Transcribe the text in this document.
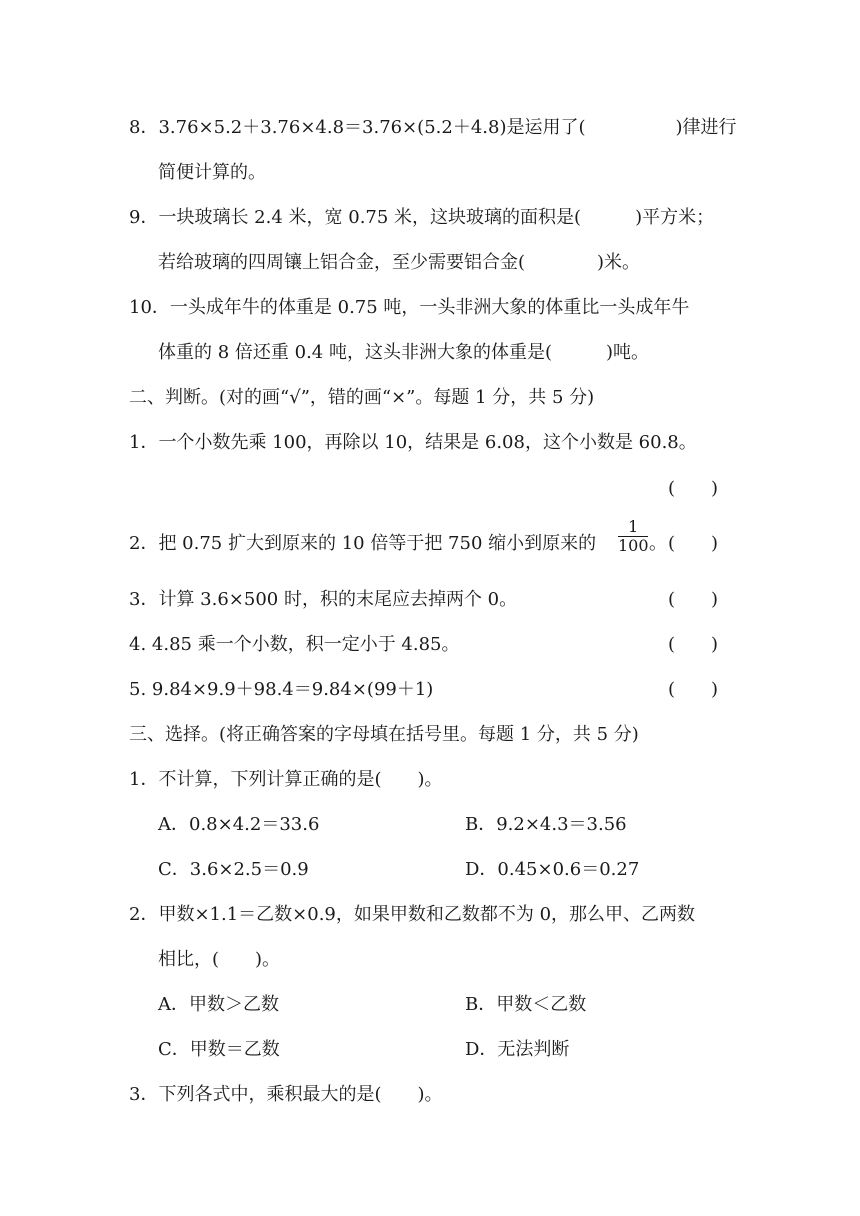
8．3.76×5.2＋3.76×4.8＝3.76×(5.2＋4.8)是运用了(　　　　　)律进行
简便计算的。
9．一块玻璃长 2.4 米，宽 0.75 米，这块玻璃的面积是(　　　)平方米；
若给玻璃的四周镶上铝合金，至少需要铝合金(　　　　)米。
10．一头成年牛的体重是 0.75 吨，一头非洲大象的体重比一头成年牛
体重的 8 倍还重 0.4 吨，这头非洲大象的体重是(　　　)吨。
二、判断。(对的画“√”，错的画“×”。每题 1 分，共 5 分)
1．一个小数先乘 100，再除以 10，结果是 6.08，这个小数是 60.8。
(　　)
2．把 0.75 扩大到原来的 10 倍等于把 750 缩小到原来的
1
100 。 (　　)
3．计算 3.6×500 时，积的末尾应去掉两个 0。	(　　)
4. 4.85 乘一个小数，积一定小于 4.85。	(　　)
5. 9.84×9.9＋98.4＝9.84×(99＋1)	(　　)
三、选择。(将正确答案的字母填在括号里。每题 1 分，共 5 分)
1．不计算，下列计算正确的是(　　)。
A．0.8×4.2＝33.6	B．9.2×4.3＝3.56
C．3.6×2.5＝0.9	D．0.45×0.6＝0.27
2．甲数×1.1＝乙数×0.9，如果甲数和乙数都不为 0，那么甲、乙两数
相比，(　　)。
A．甲数＞乙数	B．甲数＜乙数
C．甲数＝乙数	D．无法判断
3．下列各式中，乘积最大的是(　　)。
